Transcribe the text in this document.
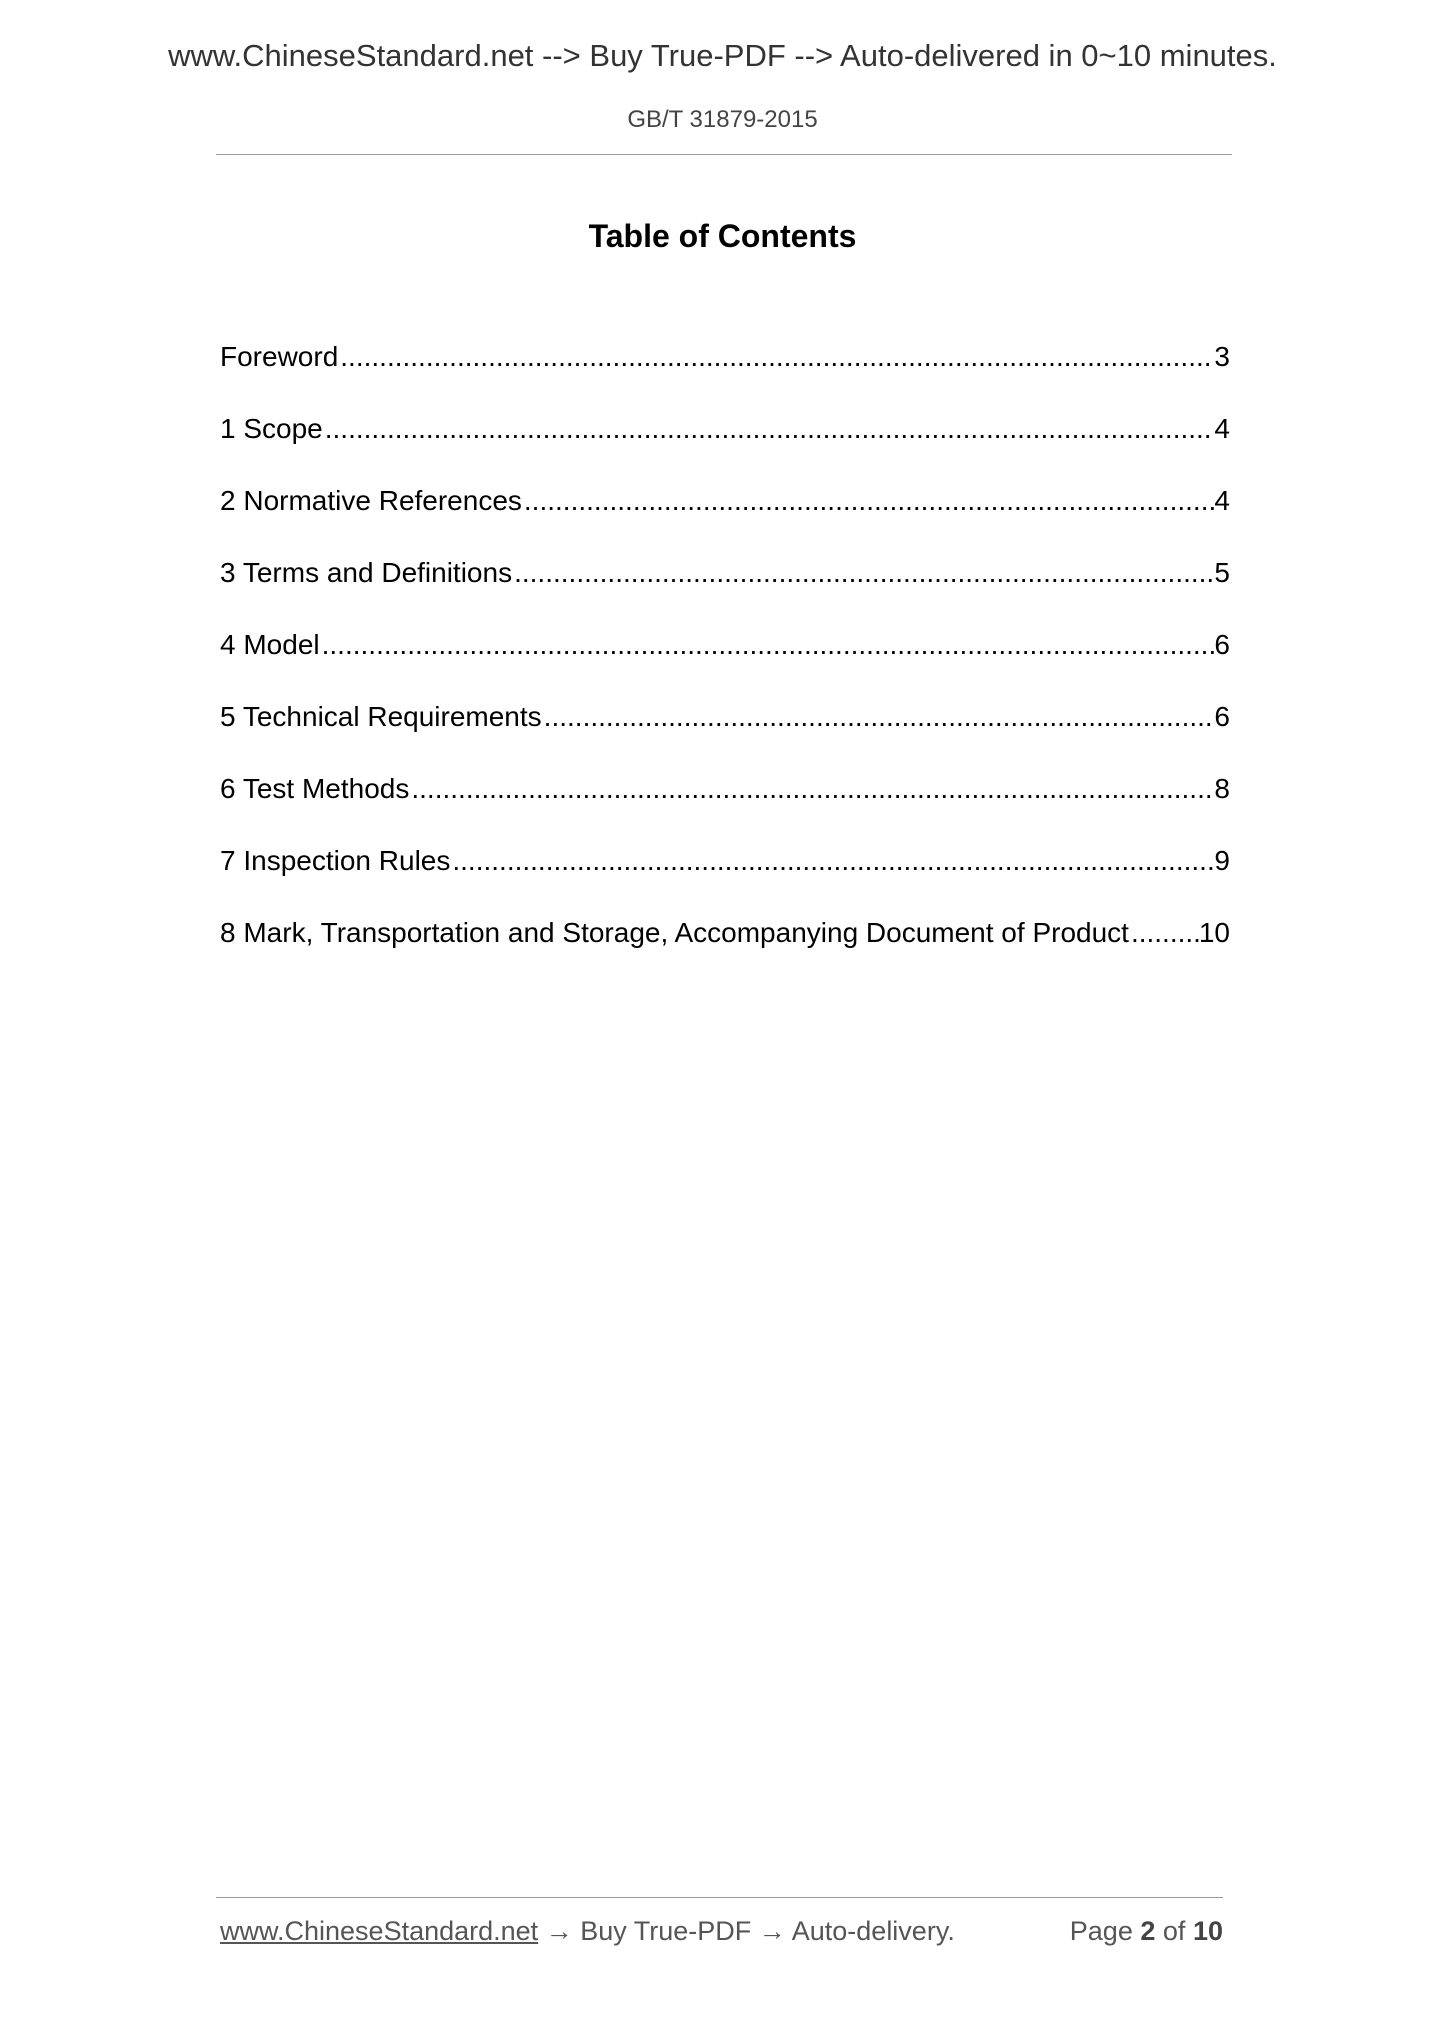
www.ChineseStandard.net --> Buy True-PDF --> Auto-delivered in 0~10 minutes.
GB/T 31879-2015
Table of Contents
Foreword .....	3
1 Scope .....	4
2 Normative References .....	4
3 Terms and Definitions .....	5
4 Model .....	6
5 Technical Requirements .....	6
6 Test Methods .....	8
7 Inspection Rules .....	9
8 Mark, Transportation and Storage, Accompanying Document of Product ..... 10
www.ChineseStandard.net → Buy True-PDF → Auto-delivery.	Page 2 of 10
